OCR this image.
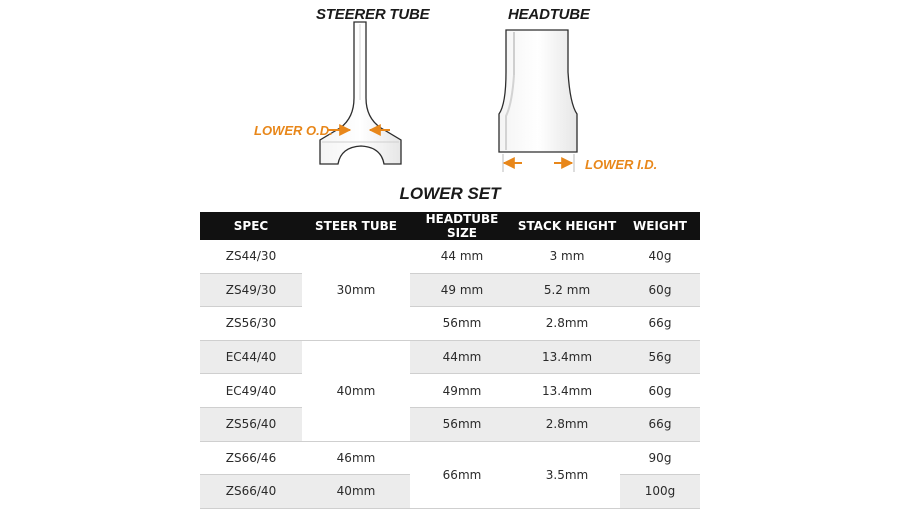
STEERER TUBE	HEADTUBE
LOWER O.D.
LOWER I.D.
LOWER SET
SPEC	STEER TUBE	HEADTUBE SIZE	STACK HEIGHT	WEIGHT
ZS44/30	30mm	44 mm	3 mm	40g
ZS49/30		49 mm	5.2 mm	60g
ZS56/30		56mm	2.8mm	66g
EC44/40	40mm	44mm	13.4mm	56g
EC49/40		49mm	13.4mm	60g
ZS56/40		56mm	2.8mm	66g
ZS66/46	46mm	66mm	3.5mm	90g
ZS66/40	40mm			100g
